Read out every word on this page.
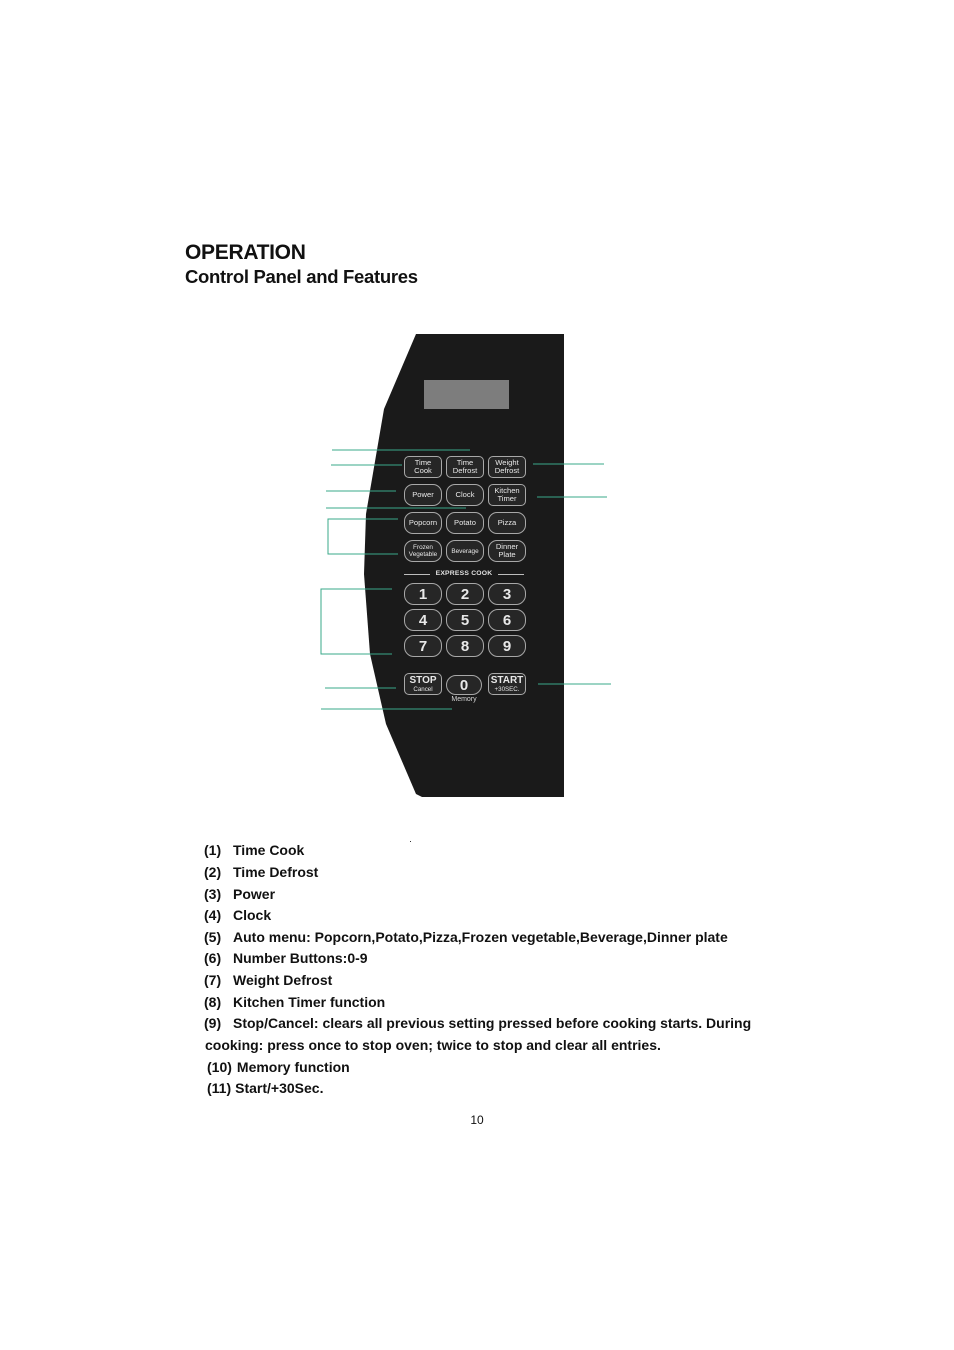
OPERATION
Control Panel and Features
Time
Cook
Time
Defrost
Weight
Defrost
Power	Clock	Kitchen
Timer
Popcorn	Potato	Pizza
Frozen
Vegetable	Beverage	Dinner
Plate
EXPRESS COOK
1	2	3
4	5	6
7	8	9
STOP
Cancel	0
Memory
START
+30SEC.
(1) Time Cook
(2) Time Defrost
(3) Power
(4) Clock
(5) Auto menu: Popcorn,Potato,Pizza,Frozen vegetable,Beverage,Dinner plate
(6) Number Buttons:0-9
(7) Weight Defrost
(8) Kitchen Timer function
(9) Stop/Cancel: clears all previous setting pressed before cooking starts. During
cooking: press once to stop oven; twice to stop and clear all entries.
(10) Memory function
(11) Start/+30Sec.
10
